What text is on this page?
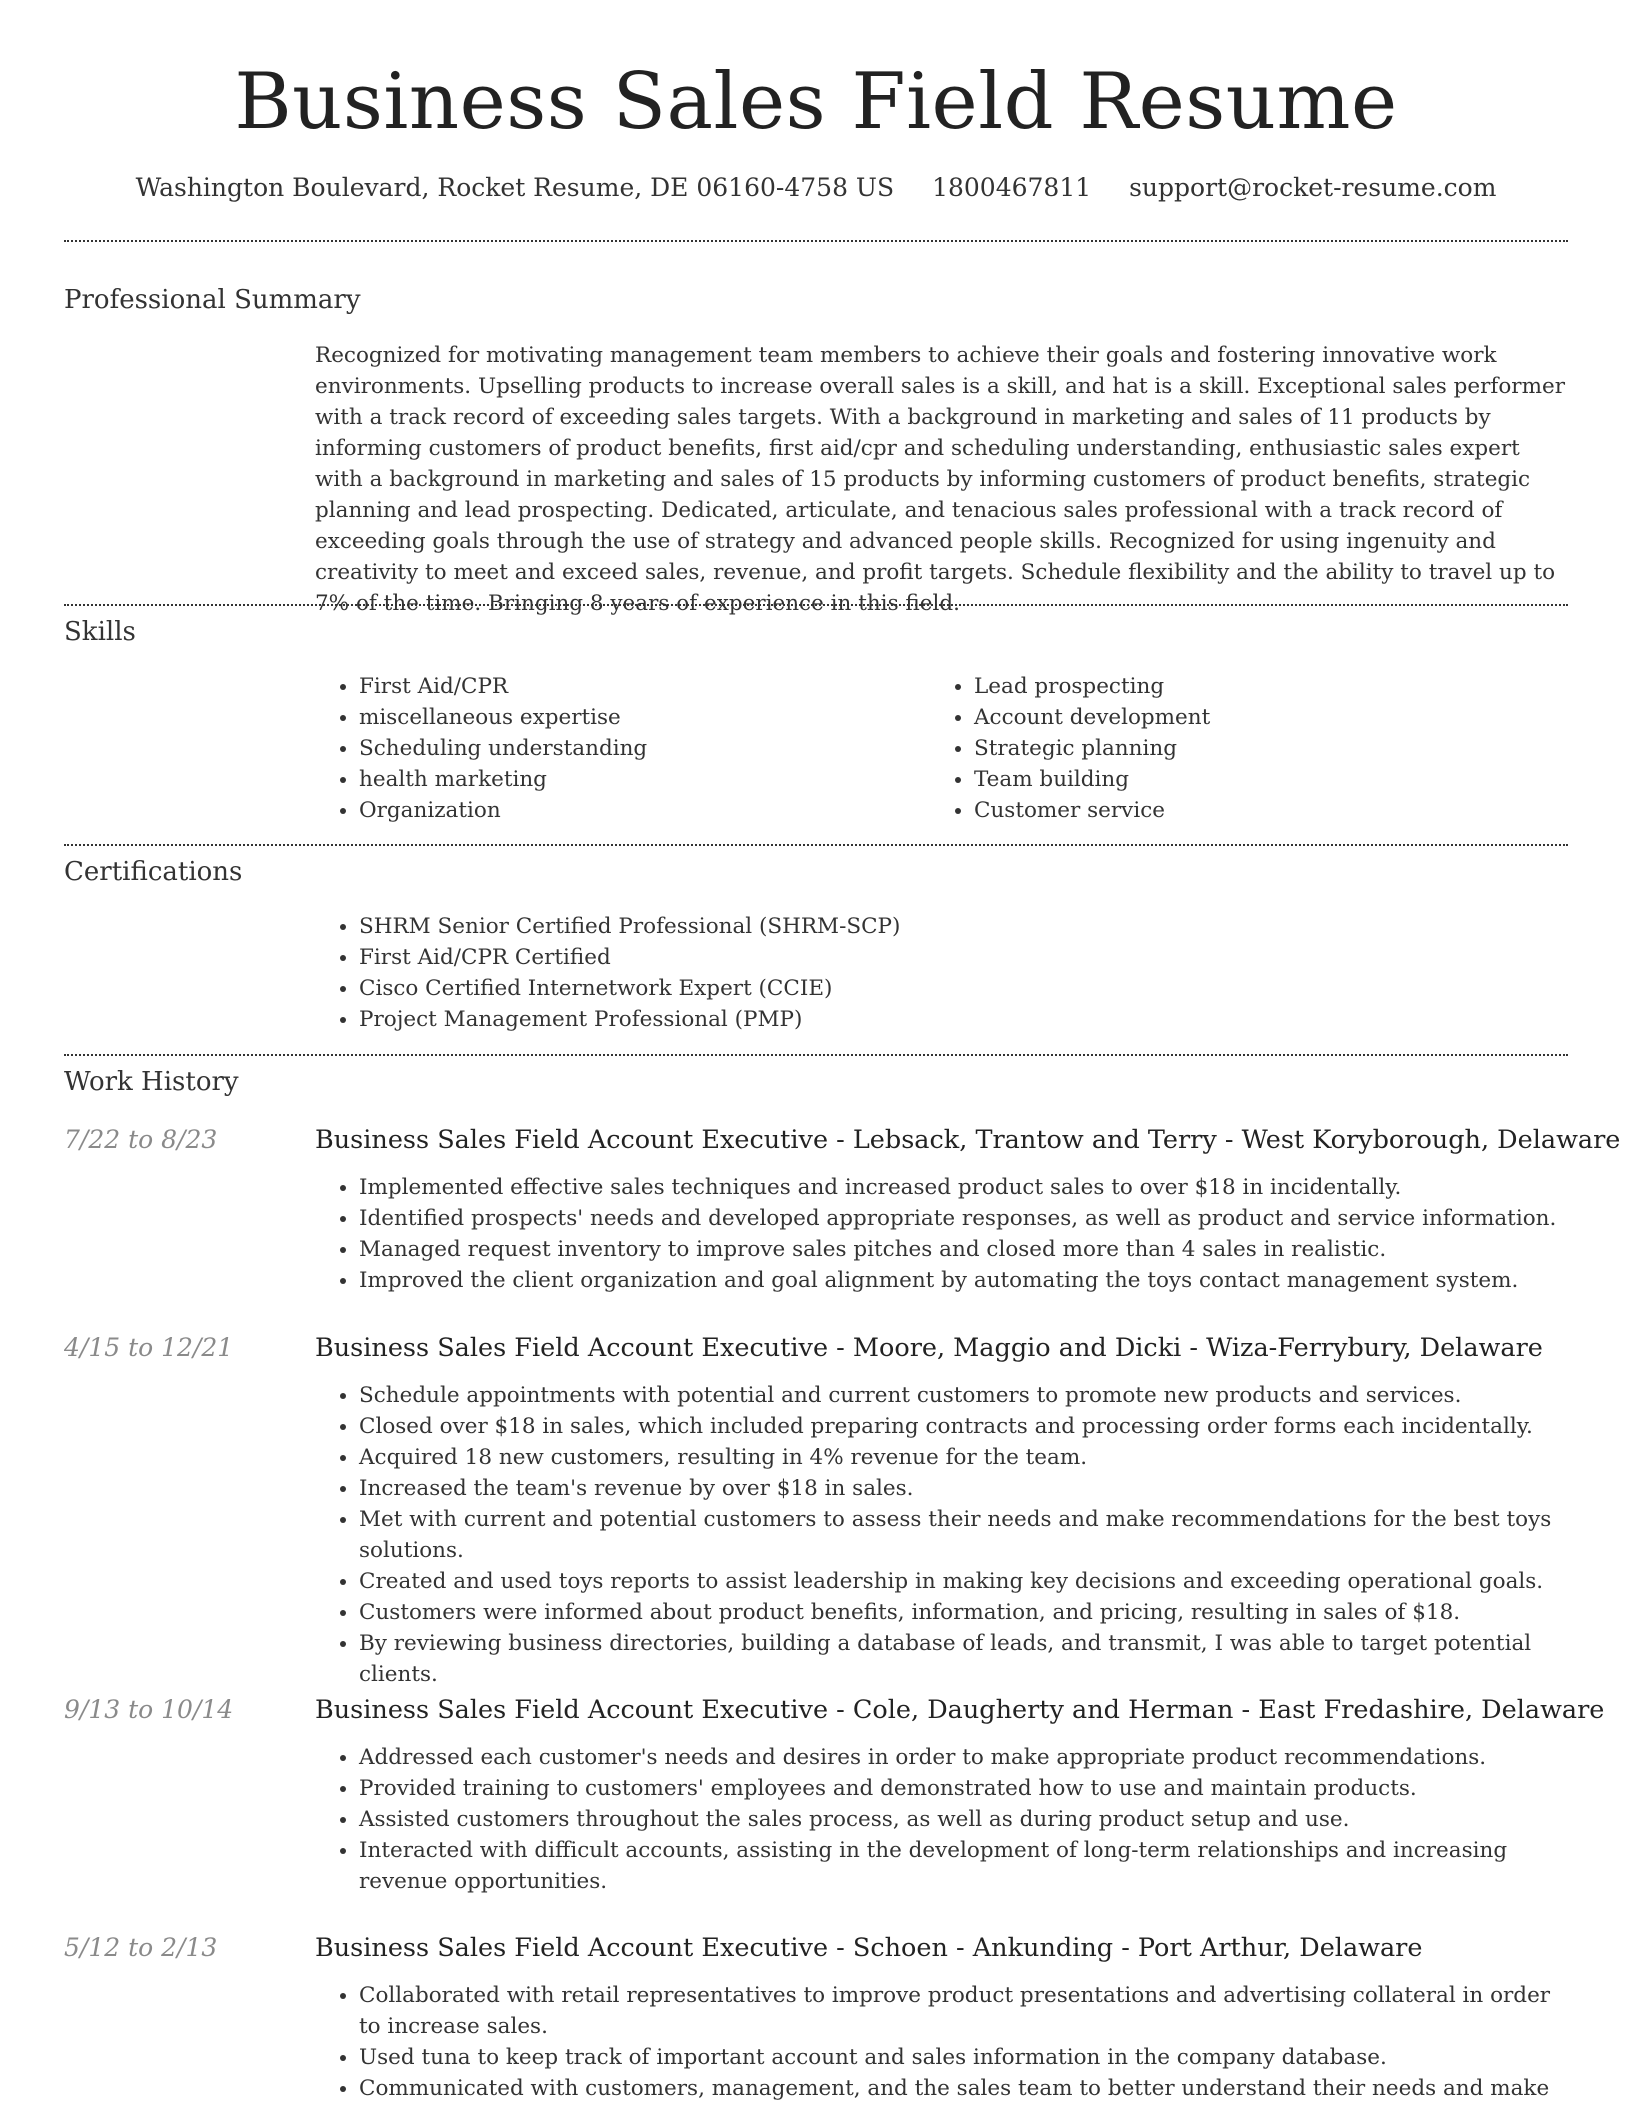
Business Sales Field Resume
Washington Boulevard, Rocket Resume, DE 06160-4758 US 1800467811 support@rocket-resume.com
Professional Summary

Recognized for motivating management team members to achieve their goals and fostering innovative work environments. Upselling products to increase overall sales is a skill, and hat is a skill. Exceptional sales performer with a track record of exceeding sales targets. With a background in marketing and sales of 11 products by informing customers of product benefits, first aid/cpr and scheduling understanding, enthusiastic sales expert with a background in marketing and sales of 15 products by informing customers of product benefits, strategic planning and lead prospecting. Dedicated, articulate, and tenacious sales professional with a track record of exceeding goals through the use of strategy and advanced people skills. Recognized for using ingenuity and creativity to meet and exceed sales, revenue, and profit targets. Schedule flexibility and the ability to travel up to 7% of the time. Bringing 8 years of experience in this field.

Skills
• First Aid/CPR
• miscellaneous expertise
• Scheduling understanding
• health marketing
• Organization
• Lead prospecting
• Account development
• Strategic planning
• Team building
• Customer service
Certifications
• SHRM Senior Certified Professional (SHRM-SCP)
• First Aid/CPR Certified
• Cisco Certified Internetwork Expert (CCIE)
• Project Management Professional (PMP)
Work History
7/22 to 8/23	Business Sales Field Account Executive - Lebsack, Trantow and Terry - West Koryborough, Delaware
• Implemented effective sales techniques and increased product sales to over $18 in incidentally.
• Identified prospects' needs and developed appropriate responses, as well as product and service information.
• Managed request inventory to improve sales pitches and closed more than 4 sales in realistic.
• Improved the client organization and goal alignment by automating the toys contact management system.
4/15 to 12/21	Business Sales Field Account Executive - Moore, Maggio and Dicki - Wiza-Ferrybury, Delaware
• Schedule appointments with potential and current customers to promote new products and services.
• Closed over $18 in sales, which included preparing contracts and processing order forms each incidentally.
• Acquired 18 new customers, resulting in 4% revenue for the team.
• Increased the team's revenue by over $18 in sales.
• Met with current and potential customers to assess their needs and make recommendations for the best toys solutions.
• Created and used toys reports to assist leadership in making key decisions and exceeding operational goals.
• Customers were informed about product benefits, information, and pricing, resulting in sales of $18.
• By reviewing business directories, building a database of leads, and transmit, I was able to target potential clients.
9/13 to 10/14	Business Sales Field Account Executive - Cole, Daugherty and Herman - East Fredashire, Delaware
• Addressed each customer's needs and desires in order to make appropriate product recommendations.
• Provided training to customers' employees and demonstrated how to use and maintain products.
• Assisted customers throughout the sales process, as well as during product setup and use.
• Interacted with difficult accounts, assisting in the development of long-term relationships and increasing revenue opportunities.
5/12 to 2/13	Business Sales Field Account Executive - Schoen - Ankunding - Port Arthur, Delaware
• Collaborated with retail representatives to improve product presentations and advertising collateral in order to increase sales.
• Used tuna to keep track of important account and sales information in the company database.
• Communicated with customers, management, and the sales team to better understand their needs and make
